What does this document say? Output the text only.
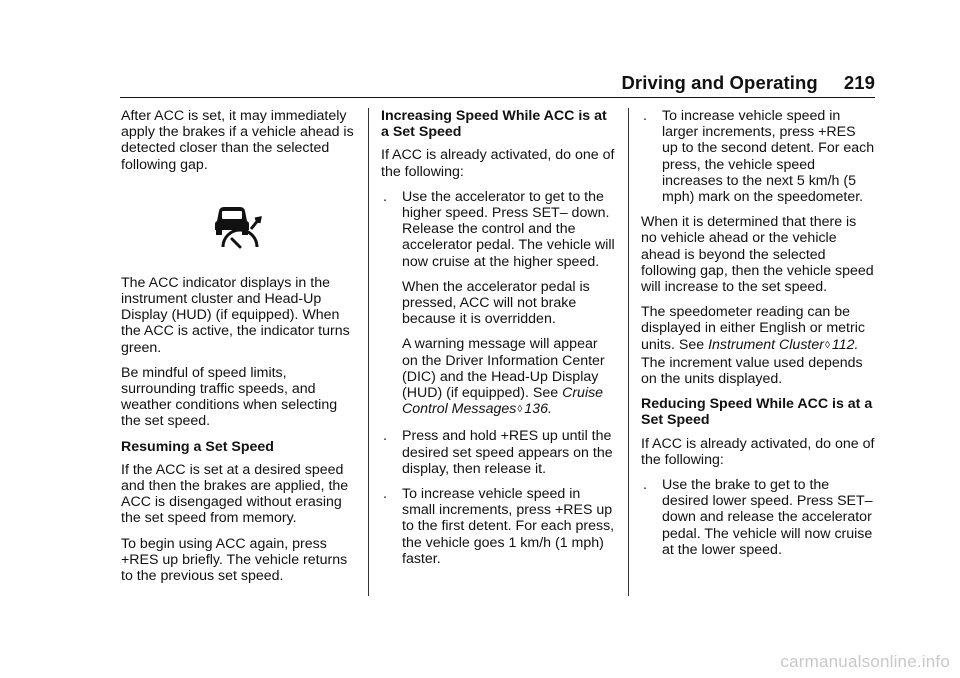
Driving and Operating 219

After ACC is set, it may immediately apply the brakes if a vehicle ahead is detected closer than the selected following gap.

The ACC indicator displays in the instrument cluster and Head-Up Display (HUD) (if equipped). When the ACC is active, the indicator turns green.

Be mindful of speed limits, surrounding traffic speeds, and weather conditions when selecting the set speed.

Resuming a Set Speed

If the ACC is set at a desired speed and then the brakes are applied, the ACC is disengaged without erasing the set speed from memory.

To begin using ACC again, press +RES up briefly. The vehicle returns to the previous set speed.

Increasing Speed While ACC is at a Set Speed

If ACC is already activated, do one of the following:

. Use the accelerator to get to the higher speed. Press SET– down. Release the control and the accelerator pedal. The vehicle will now cruise at the higher speed.

When the accelerator pedal is pressed, ACC will not brake because it is overridden.

A warning message will appear on the Driver Information Center (DIC) and the Head-Up Display (HUD) (if equipped). See Cruise Control Messages◊ 136.

. Press and hold +RES up until the desired set speed appears on the display, then release it.
. To increase vehicle speed in small increments, press +RES up to the first detent. For each press, the vehicle goes 1 km/h (1 mph) faster.
. To increase vehicle speed in larger increments, press +RES up to the second detent. For each press, the vehicle speed increases to the next 5 km/h (5 mph) mark on the speedometer.

When it is determined that there is no vehicle ahead or the vehicle ahead is beyond the selected following gap, then the vehicle speed will increase to the set speed.

The speedometer reading can be displayed in either English or metric units. See Instrument Cluster◊ 112. The increment value used depends on the units displayed.

Reducing Speed While ACC is at a Set Speed

If ACC is already activated, do one of the following:

. Use the brake to get to the desired lower speed. Press SET– down and release the accelerator pedal. The vehicle will now cruise at the lower speed.
carmanualsonline.info
